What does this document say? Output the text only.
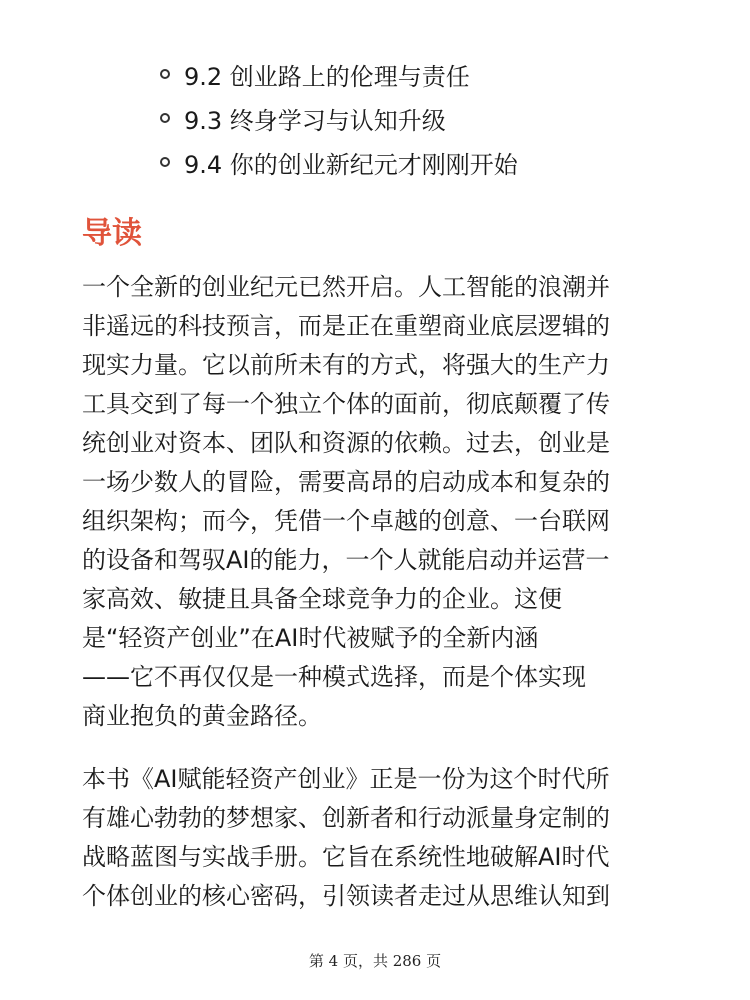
9.2 创业路上的伦理与责任
9.3 终身学习与认知升级
9.4 你的创业新纪元才刚刚开始
导读
一个全新的创业纪元已然开启。人工智能的浪潮并
非遥远的科技预言，而是正在重塑商业底层逻辑的
现实力量。它以前所未有的方式，将强大的生产力
工具交到了每一个独立个体的面前，彻底颠覆了传
统创业对资本、团队和资源的依赖。过去，创业是
一场少数人的冒险，需要高昂的启动成本和复杂的
组织架构；而今，凭借一个卓越的创意、一台联网
的设备和驾驭AI的能力，一个人就能启动并运营一
家高效、敏捷且具备全球竞争力的企业。这便
是“轻资产创业”在AI时代被赋予的全新内涵
——它不再仅仅是一种模式选择，而是个体实现
商业抱负的黄金路径。
本书《AI赋能轻资产创业》正是一份为这个时代所
有雄心勃勃的梦想家、创新者和行动派量身定制的
战略蓝图与实战手册。它旨在系统性地破解AI时代
个体创业的核心密码，引领读者走过从思维认知到
第 4 页，共 286 页
